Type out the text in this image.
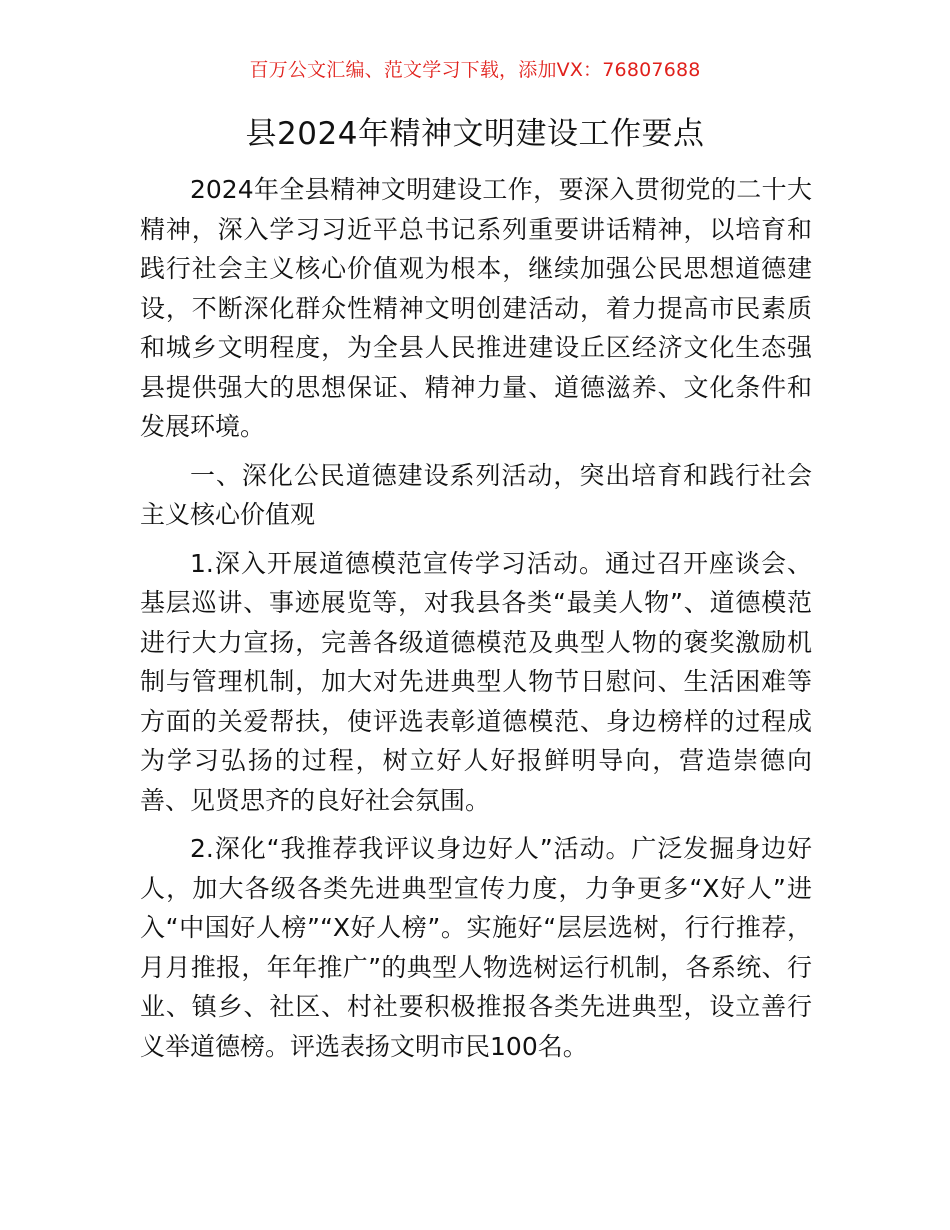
百万公文汇编、范文学习下载，添加VX：76807688
县2024年精神文明建设工作要点

2024年全县精神文明建设工作，要深入贯彻党的二十大精神，深入学习习近平总书记系列重要讲话精神，以培育和践行社会主义核心价值观为根本，继续加强公民思想道德建设，不断深化群众性精神文明创建活动，着力提高市民素质和城乡文明程度，为全县人民推进建设丘区经济文化生态强县提供强大的思想保证、精神力量、道德滋养、文化条件和发展环境。

一、深化公民道德建设系列活动，突出培育和践行社会主义核心价值观

1.深入开展道德模范宣传学习活动。通过召开座谈会、基层巡讲、事迹展览等，对我县各类“最美人物”、道德模范进行大力宣扬，完善各级道德模范及典型人物的褒奖激励机制与管理机制，加大对先进典型人物节日慰问、生活困难等方面的关爱帮扶，使评选表彰道德模范、身边榜样的过程成为学习弘扬的过程，树立好人好报鲜明导向，营造崇德向善、见贤思齐的良好社会氛围。

2.深化“我推荐我评议身边好人”活动。广泛发掘身边好人，加大各级各类先进典型宣传力度，力争更多“X好人”进入“中国好人榜”“X好人榜”。实施好“层层选树，行行推荐，月月推报，年年推广”的典型人物选树运行机制，各系统、行业、镇乡、社区、村社要积极推报各类先进典型，设立善行义举道德榜。评选表扬文明市民100名。
